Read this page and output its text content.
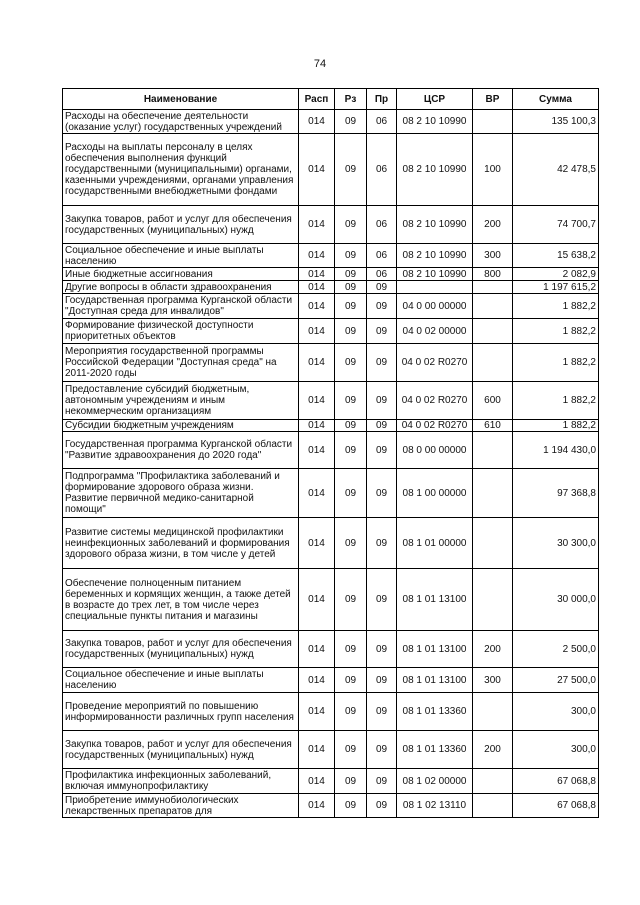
74
Наименование	Расп	Рз	Пр	ЦСР	ВР	Сумма
Расходы на обеспечение деятельности (оказание услуг) государственных учреждений	014	09	06	08 2 10 10990		135 100,3
Расходы на выплаты персоналу в целях обеспечения выполнения функций государственными (муниципальными) органами, казенными учреждениями, органами управления государственными внебюджетными фондами	014	09	06	08 2 10 10990	100	42 478,5
Закупка товаров, работ и услуг для обеспечения государственных (муниципальных) нужд	014	09	06	08 2 10 10990	200	74 700,7
Социальное обеспечение и иные выплаты населению	014	09	06	08 2 10 10990	300	15 638,2
Иные бюджетные ассигнования	014	09	06	08 2 10 10990	800	2 082,9
Другие вопросы в области здравоохранения	014	09	09			1 197 615,2
Государственная программа Курганской области "Доступная среда для инвалидов"	014	09	09	04 0 00 00000		1 882,2
Формирование физической доступности приоритетных объектов	014	09	09	04 0 02 00000		1 882,2
Мероприятия государственной программы Российской Федерации "Доступная среда" на 2011-2020 годы	014	09	09	04 0 02 R0270		1 882,2
Предоставление субсидий бюджетным, автономным учреждениям и иным некоммерческим организациям	014	09	09	04 0 02 R0270	600	1 882,2
Субсидии бюджетным учреждениям	014	09	09	04 0 02 R0270	610	1 882,2
Государственная программа Курганской области "Развитие здравоохранения до 2020 года"	014	09	09	08 0 00 00000		1 194 430,0
Подпрограмма "Профилактика заболеваний и формирование здорового образа жизни. Развитие первичной медико-санитарной помощи"	014	09	09	08 1 00 00000		97 368,8
Развитие системы медицинской профилактики неинфекционных заболеваний и формирования здорового образа жизни, в том числе у детей	014	09	09	08 1 01 00000		30 300,0
Обеспечение полноценным питанием беременных и кормящих женщин, а также детей в возрасте до трех лет, в том числе через специальные пункты питания и магазины	014	09	09	08 1 01 13100		30 000,0
Закупка товаров, работ и услуг для обеспечения государственных (муниципальных) нужд	014	09	09	08 1 01 13100	200	2 500,0
Социальное обеспечение и иные выплаты населению	014	09	09	08 1 01 13100	300	27 500,0
Проведение мероприятий по повышению информированности различных групп населения	014	09	09	08 1 01 13360		300,0
Закупка товаров, работ и услуг для обеспечения государственных (муниципальных) нужд	014	09	09	08 1 01 13360	200	300,0
Профилактика инфекционных заболеваний, включая иммунопрофилактику	014	09	09	08 1 02 00000		67 068,8
Приобретение иммунобиологических лекарственных препаратов для	014	09	09	08 1 02 13110		67 068,8
